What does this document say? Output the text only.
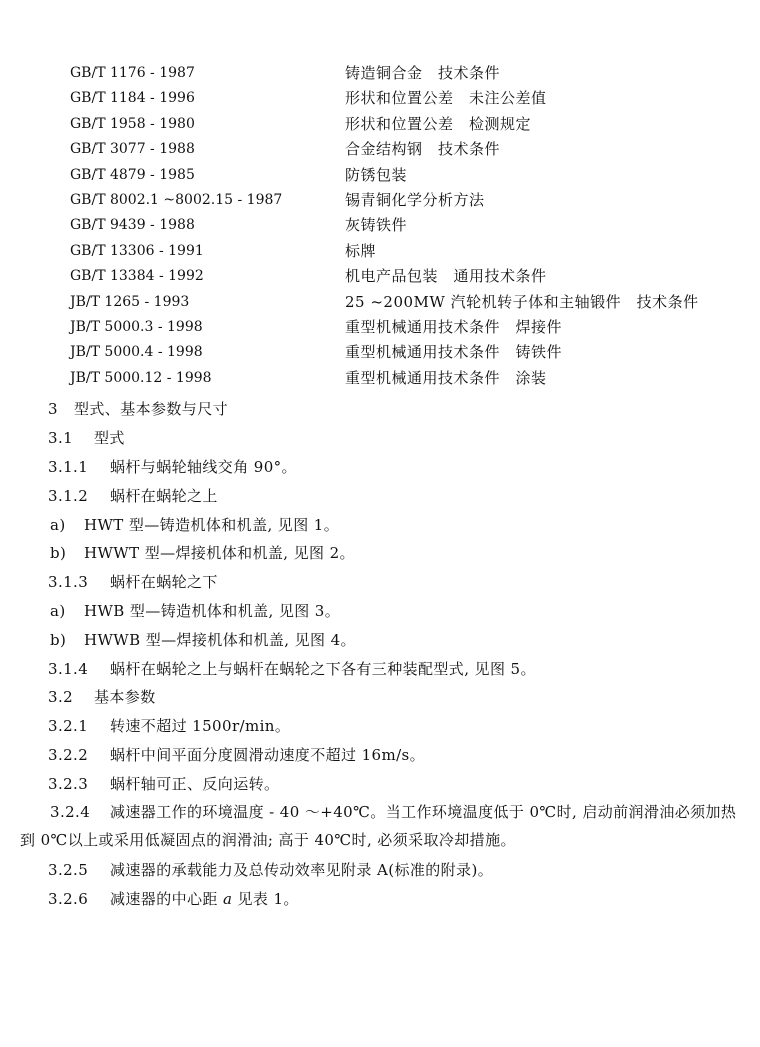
GB/T 1176 - 1987	铸造铜合金　技术条件
GB/T 1184 - 1996	形状和位置公差　未注公差值
GB/T 1958 - 1980	形状和位置公差　检测规定
GB/T 3077 - 1988	合金结构钢　技术条件
GB/T 4879 - 1985	防锈包装
GB/T 8002.1 ~8002.15 - 1987	锡青铜化学分析方法
GB/T 9439 - 1988	灰铸铁件
GB/T 13306 - 1991	标牌
GB/T 13384 - 1992	机电产品包装　通用技术条件
JB/T 1265 - 1993	25 ~200MW 汽轮机转子体和主轴锻件　技术条件
JB/T 5000.3 - 1998	重型机械通用技术条件　焊接件
JB/T 5000.4 - 1998	重型机械通用技术条件　铸铁件
JB/T 5000.12 - 1998	重型机械通用技术条件　涂装
3 型式、基本参数与尺寸
3.1 型式
3.1.1 蜗杆与蜗轮轴线交角 90°。
3.1.2 蜗杆在蜗轮之上
a) HWT 型—铸造机体和机盖, 见图 1。
b) HWWT 型—焊接机体和机盖, 见图 2。
3.1.3 蜗杆在蜗轮之下
a) HWB 型—铸造机体和机盖, 见图 3。
b) HWWB 型—焊接机体和机盖, 见图 4。
3.1.4 蜗杆在蜗轮之上与蜗杆在蜗轮之下各有三种装配型式, 见图 5。
3.2 基本参数
3.2.1 转速不超过 1500r/min。
3.2.2 蜗杆中间平面分度圆滑动速度不超过 16m/s。
3.2.3 蜗杆轴可正、反向运转。
3.2.4 减速器工作的环境温度 - 40 ～+40℃。当工作环境温度低于 0℃时, 启动前润滑油必须加热到 0℃以上或采用低凝固点的润滑油; 高于 40℃时, 必须采取冷却措施。
3.2.5 减速器的承载能力及总传动效率见附录 A(标准的附录)。
3.2.6 减速器的中心距 a 见表 1。
